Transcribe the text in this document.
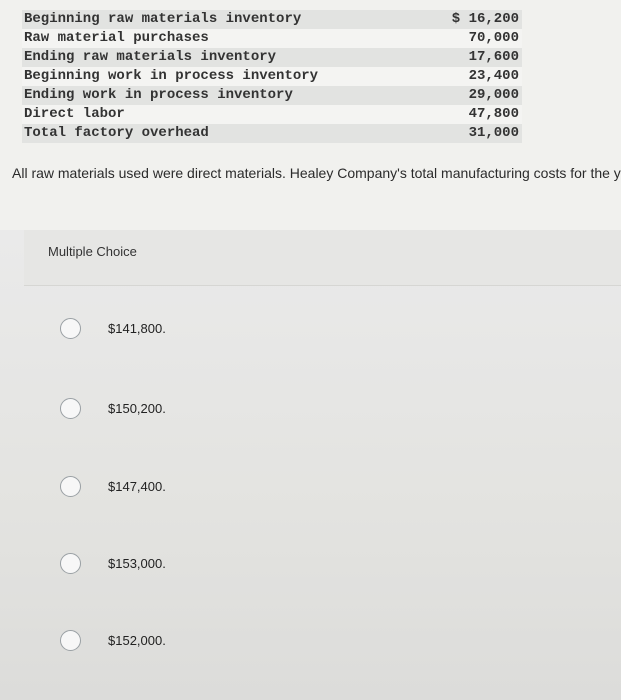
Beginning raw materials inventory	$ 16,200
Raw material purchases	70,000
Ending raw materials inventory	17,600
Beginning work in process inventory	23,400
Ending work in process inventory	29,000
Direct labor	47,800
Total factory overhead	31,000
All raw materials used were direct materials. Healey Company's total manufacturing costs for the y
Multiple Choice
$141,800.
$150,200.
$147,400.
$153,000.
$152,000.
